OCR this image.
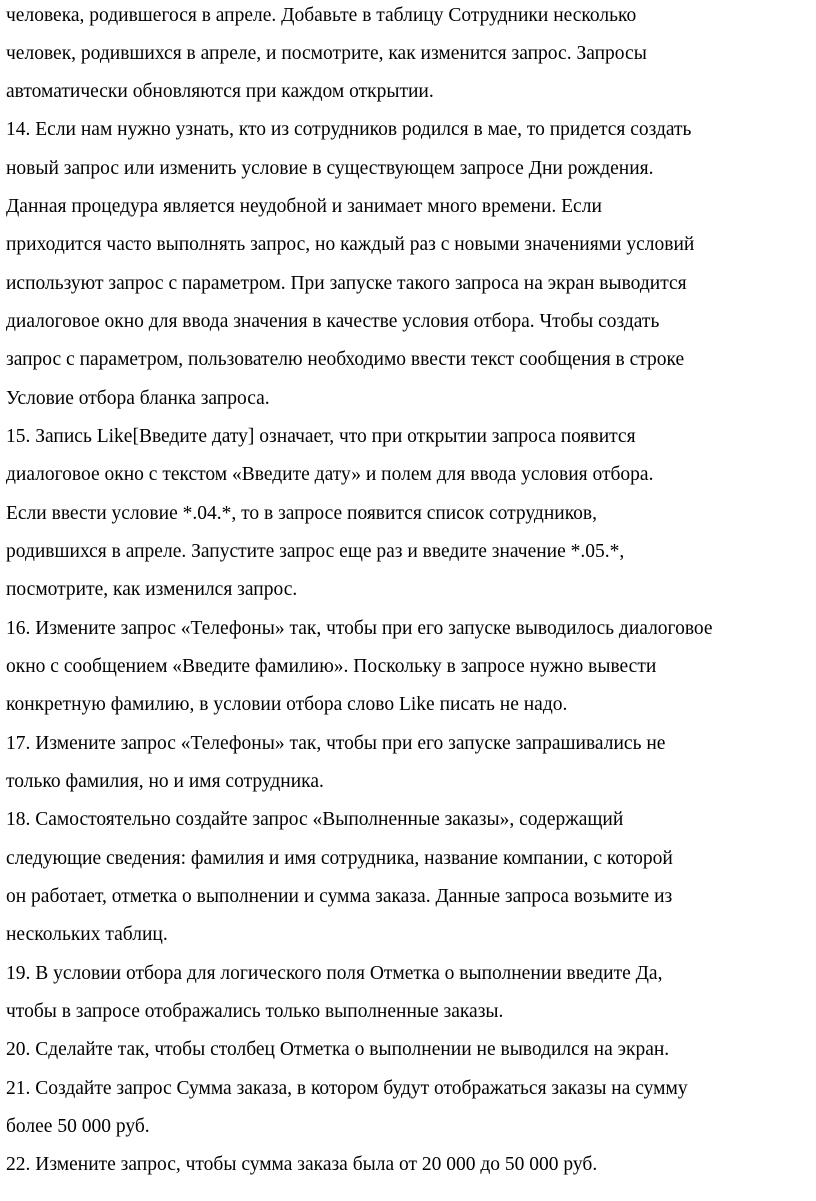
человека, родившегося в апреле. Добавьте в таблицу Сотрудники несколько
человек, родившихся в апреле, и посмотрите, как изменится запрос. Запросы
автоматически обновляются при каждом открытии.
14. Если нам нужно узнать, кто из сотрудников родился в мае, то придется создать
новый запрос или изменить условие в существующем запросе Дни рождения.
Данная процедура является неудобной и занимает много времени. Если
приходится часто выполнять запрос, но каждый раз с новыми значениями условий
используют запрос с параметром. При запуске такого запроса на экран выводится
диалоговое окно для ввода значения в качестве условия отбора. Чтобы создать
запрос с параметром, пользователю необходимо ввести текст сообщения в строке
Условие отбора бланка запроса.
15. Запись Like[Введите дату] означает, что при открытии запроса появится
диалоговое окно с текстом «Введите дату» и полем для ввода условия отбора.
Если ввести условие *.04.*, то в запросе появится список сотрудников,
родившихся в апреле. Запустите запрос еще раз и введите значение *.05.*,
посмотрите, как изменился запрос.
16. Измените запрос «Телефоны» так, чтобы при его запуске выводилось диалоговое
окно с сообщением «Введите фамилию». Поскольку в запросе нужно вывести
конкретную фамилию, в условии отбора слово Like писать не надо.
17. Измените запрос «Телефоны» так, чтобы при его запуске запрашивались не
только фамилия, но и имя сотрудника.
18. Самостоятельно создайте запрос «Выполненные заказы», содержащий
следующие сведения: фамилия и имя сотрудника, название компании, с которой
он работает, отметка о выполнении и сумма заказа. Данные запроса возьмите из
нескольких таблиц.
19. В условии отбора для логического поля Отметка о выполнении введите Да,
чтобы в запросе отображались только выполненные заказы.
20. Сделайте так, чтобы столбец Отметка о выполнении не выводился на экран.
21. Создайте запрос Сумма заказа, в котором будут отображаться заказы на сумму
более 50 000 руб.
22. Измените запрос, чтобы сумма заказа была от 20 000 до 50 000 руб.
